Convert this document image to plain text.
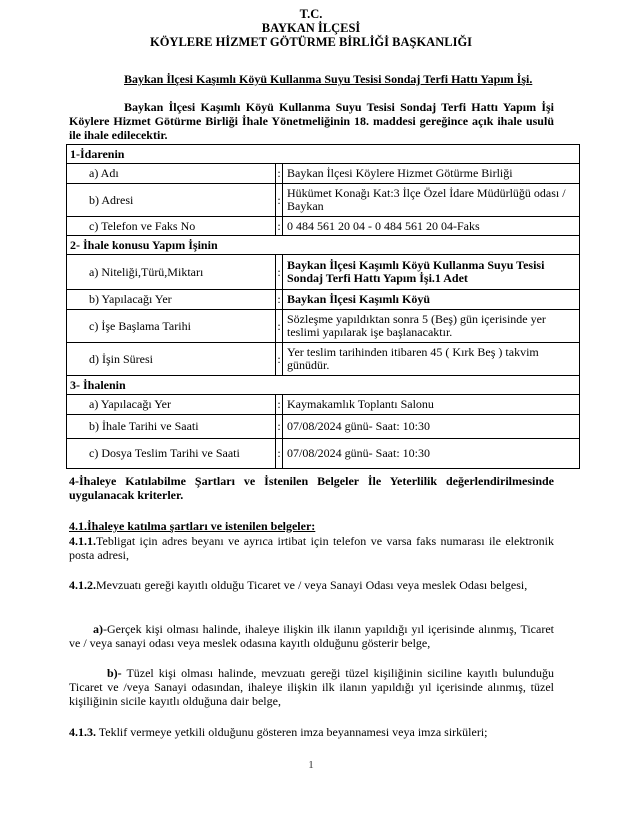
T.C.
BAYKAN İLÇESİ
KÖYLERE HİZMET GÖTÜRME BİRLİĞİ BAŞKANLIĞI
Baykan İlçesi Kaşımlı Köyü Kullanma Suyu Tesisi Sondaj Terfi Hattı Yapım İşi.
Baykan İlçesi Kaşımlı Köyü Kullanma Suyu Tesisi Sondaj Terfi Hattı Yapım İşi Köylere Hizmet Götürme Birliği İhale Yönetmeliğinin 18. maddesi gereğince açık ihale usulü ile ihale edilecektir.
1-İdarenin		
a) Adı	:	Baykan İlçesi Köylere Hizmet Götürme Birliği
b) Adresi	:	Hükümet Konağı Kat:3 İlçe Özel İdare Müdürlüğü odası / Baykan
c) Telefon ve Faks No	:	0 484 561 20 04 - 0 484 561 20 04-Faks
2- İhale konusu Yapım İşinin		
a) Niteliği,Türü,Miktarı	:	Baykan İlçesi Kaşımlı Köyü Kullanma Suyu Tesisi Sondaj Terfi Hattı Yapım İşi.1 Adet
b) Yapılacağı Yer	:	Baykan İlçesi Kaşımlı Köyü
c) İşe Başlama Tarihi	:	Sözleşme yapıldıktan sonra 5 (Beş) gün içerisinde yer teslimi yapılarak işe başlanacaktır.
d) İşin Süresi	:	Yer teslim tarihinden itibaren 45 ( Kırk Beş ) takvim günüdür.
3- İhalenin		
a) Yapılacağı Yer	:	Kaymakamlık Toplantı Salonu
b) İhale Tarihi ve Saati	:	07/08/2024 günü- Saat: 10:30
c) Dosya Teslim Tarihi ve Saati	:	07/08/2024 günü- Saat: 10:30
4-İhaleye Katılabilme Şartları ve İstenilen Belgeler İle Yeterlilik değerlendirilmesinde uygulanacak kriterler.
4.1.İhaleye katılma şartları ve istenilen belgeler:
4.1.1.Tebligat için adres beyanı ve ayrıca irtibat için telefon ve varsa faks numarası ile elektronik posta adresi,
4.1.2.Mevzuatı gereği kayıtlı olduğu Ticaret ve / veya Sanayi Odası veya meslek Odası belgesi,
a)-Gerçek kişi olması halinde, ihaleye ilişkin ilk ilanın yapıldığı yıl içerisinde alınmış, Ticaret ve / veya sanayi odası veya meslek odasına kayıtlı olduğunu gösterir belge,
b)- Tüzel kişi olması halinde, mevzuatı gereği tüzel kişiliğinin siciline kayıtlı bulunduğu Ticaret ve /veya Sanayi odasından, ihaleye ilişkin ilk ilanın yapıldığı yıl içerisinde alınmış, tüzel kişiliğinin sicile kayıtlı olduğuna dair belge,
4.1.3. Teklif vermeye yetkili olduğunu gösteren imza beyannamesi veya imza sirküleri;
1
